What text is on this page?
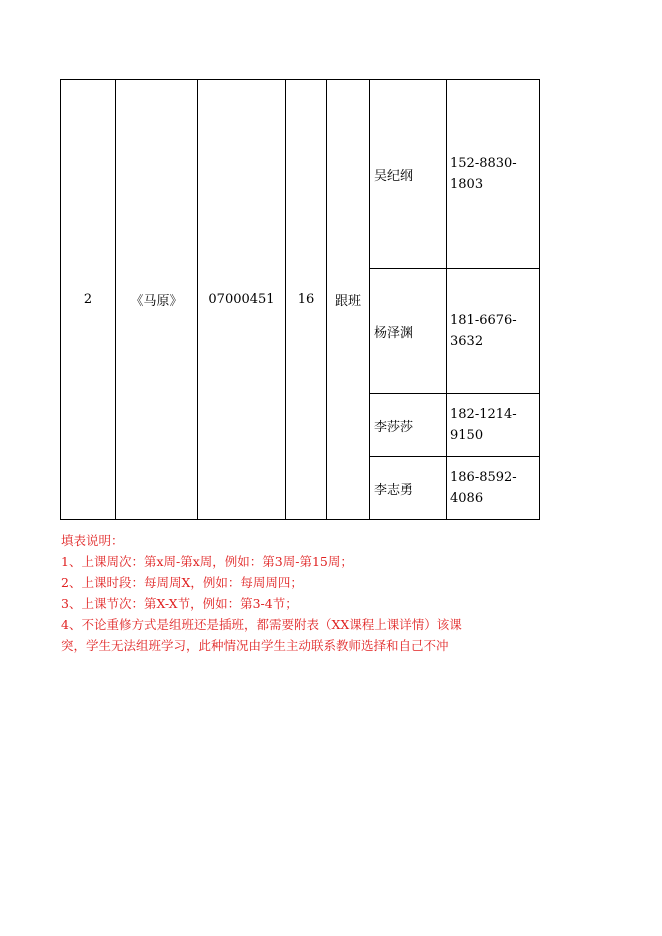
2	《马原》	07000451	16	跟班	吴纪纲	152-8830-
1803

					杨泽渊	181-6676-
3632

					李莎莎	182-1214-
9150

					李志勇	186-8592-
4086
填表说明：
1、上课周次：第x周-第x周，例如：第3周-第15周；
2、上课时段：每周周X，例如：每周周四；
3、上课节次：第X-X节，例如：第3-4节；
4、不论重修方式是组班还是插班，都需要附表（XX课程上课详情）该课
突，学生无法组班学习，此种情况由学生主动联系教师选择和自己不冲
